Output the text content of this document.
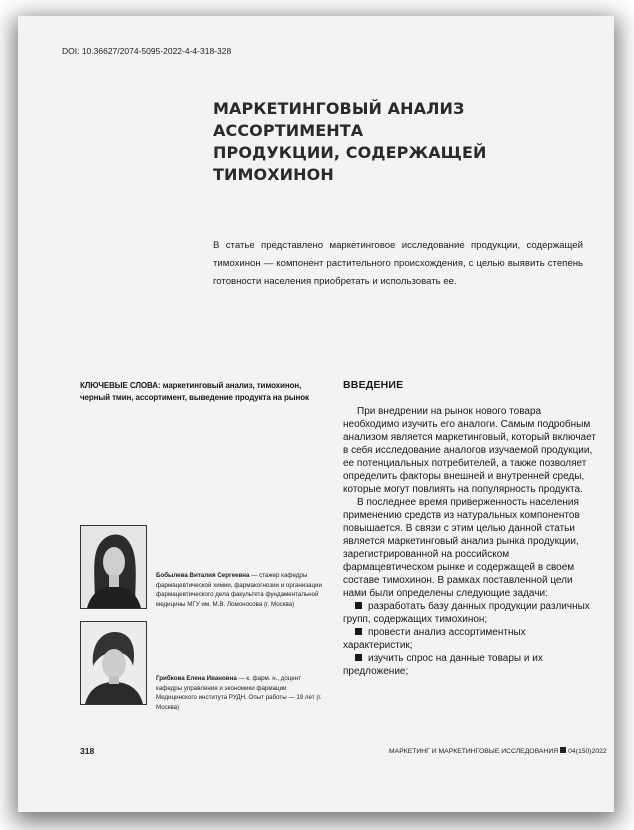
DOI: 10.36627/2074-5095-2022-4-4-318-328
МАРКЕТИНГОВЫЙ АНАЛИЗ АССОРТИМЕНТА
ПРОДУКЦИИ, СОДЕРЖАЩЕЙ ТИМОХИНОН

В статье представлено маркетинговое исследование продукции, содержащей тимохинон — компонент растительного происхождения, с целью выявить степень готовности населения приобретать и использовать ее.

КЛЮЧЕВЫЕ СЛОВА: маркетинговый анализ, тимохинон, черный тмин, ассортимент, выведение продукта на рынок

Бобылева Виталия Сергеевна — стажер кафедры фармацевтической химии, фармакогнозии и организации фармацевтического дела факультета фундаментальной медицины МГУ им. М.В. Ломоносова (г. Москва)

Грибкова Елена Ивановна — к. фарм. н., доцент кафедры управления и экономики фармации Медицинского института РУДН. Опыт работы — 19 лет (г. Москва)

ВВЕДЕНИЕ

При внедрении на рынок нового товара необходимо изучить его аналоги. Самым подробным анализом является маркетинговый, который включает в себя исследование аналогов изучаемой продукции, ее потенциальных потребителей, а также позволяет определить факторы внешней и внутренней среды, которые могут повлиять на популярность продукта.

В последнее время приверженность населения применению средств из натуральных компонентов повышается. В связи с этим целью данной статьи является маркетинговый анализ рынка продукции, зарегистрированной на российском фармацевтическом рынке и содержащей в своем составе тимохинон. В рамках поставленной цели нами были определены следующие задачи:

разработать базу данных продукции различных групп, содержащих тимохинон;
провести анализ ассортиментных характеристик;
изучить спрос на данные товары и их предложение;

318	МАРКЕТИНГ И МАРКЕТИНГОВЫЕ ИССЛЕДОВАНИЯ 04(150)2022
